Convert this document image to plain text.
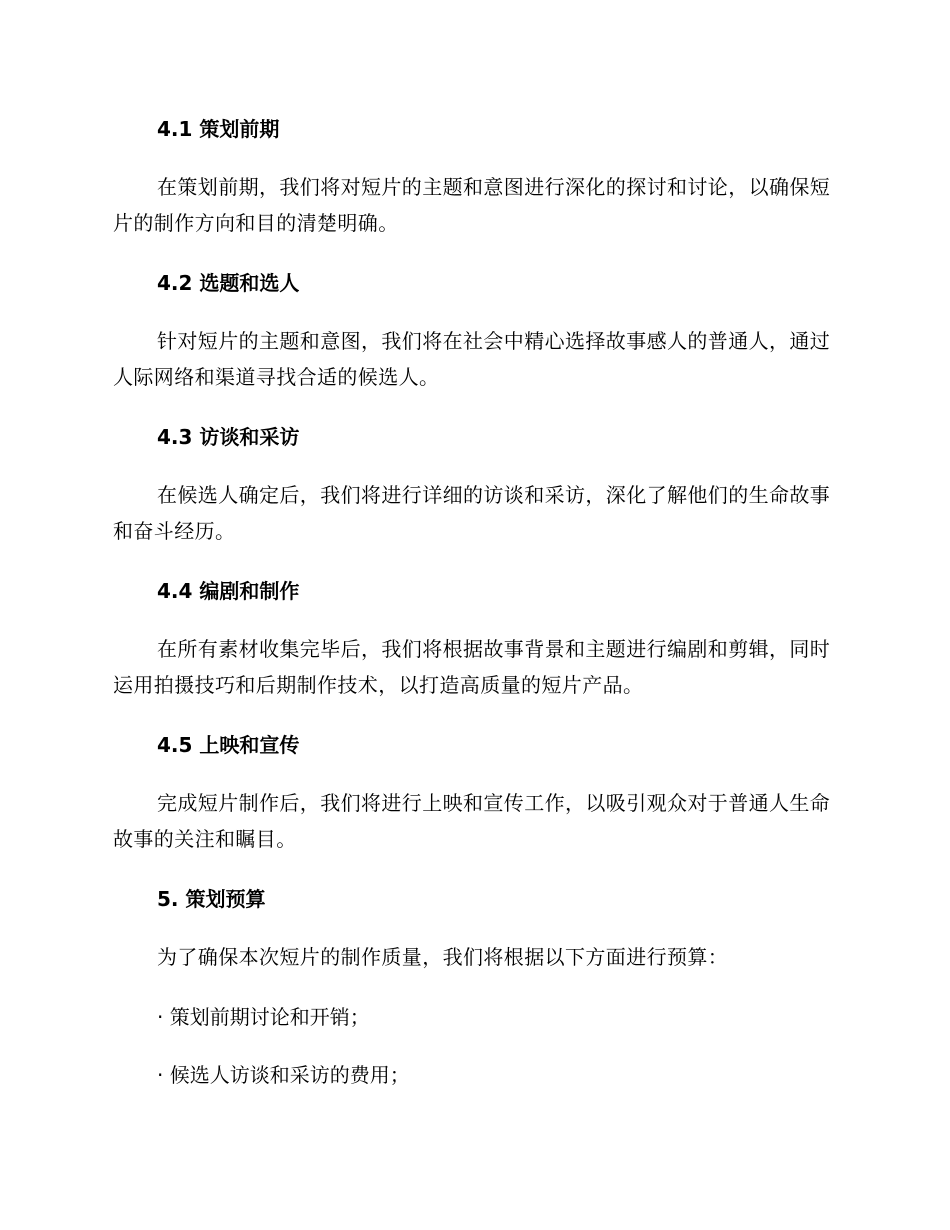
4.1 策划前期
在策划前期，我们将对短片的主题和意图进行深化的探讨和讨论，以确保短片的制作方向和目的清楚明确。
4.2 选题和选人
针对短片的主题和意图，我们将在社会中精心选择故事感人的普通人，通过人际网络和渠道寻找合适的候选人。
4.3 访谈和采访
在候选人确定后，我们将进行详细的访谈和采访，深化了解他们的生命故事和奋斗经历。
4.4 编剧和制作
在所有素材收集完毕后，我们将根据故事背景和主题进行编剧和剪辑，同时运用拍摄技巧和后期制作技术，以打造高质量的短片产品。
4.5 上映和宣传
完成短片制作后，我们将进行上映和宣传工作，以吸引观众对于普通人生命故事的关注和瞩目。
5. 策划预算
为了确保本次短片的制作质量，我们将根据以下方面进行预算：
· 策划前期讨论和开销；
· 候选人访谈和采访的费用；
